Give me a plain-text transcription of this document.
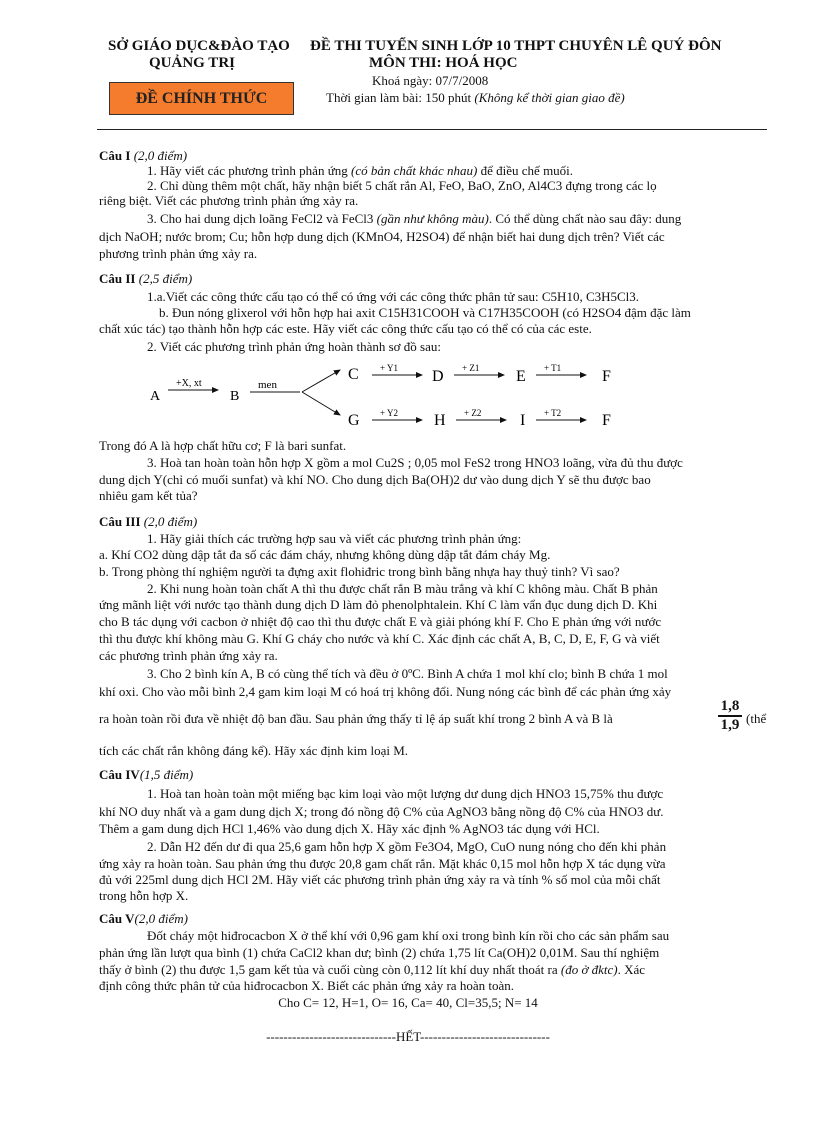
SỞ GIÁO DỤC&ĐÀO TẠO
QUẢNG TRỊ
ĐỀ THI TUYỂN SINH LỚP 10 THPT CHUYÊN LÊ QUÝ ĐÔN
MÔN THI: HOÁ HỌC
ĐỀ CHÍNH THỨC
Khoá ngày: 07/7/2008
Thời gian làm bài: 150 phút (Không kể thời gian giao đề)
Câu I (2,0 điểm)
1. Hãy viết các phương trình phản ứng (có bản chất khác nhau) để điều chế muối.
2. Chỉ dùng thêm một chất, hãy nhận biết 5 chất rắn Al, FeO, BaO, ZnO, Al4C3 đựng trong các lọ
riêng biệt. Viết các phương trình phản ứng xảy ra.
3. Cho hai dung dịch loãng FeCl2 và FeCl3 (gần như không màu). Có thể dùng chất nào sau đây: dung
dịch NaOH; nước brom; Cu; hỗn hợp dung dịch (KMnO4, H2SO4) để nhận biết hai dung dịch trên? Viết các
phương trình phản ứng xảy ra.
Câu II (2,5 điểm)
1.a.Viết các công thức cấu tạo có thể có ứng với các công thức phân tử sau: C5H10, C3H5Cl3.
b. Đun nóng glixerol với hỗn hợp hai axit C15H31COOH và C17H35COOH (có H2SO4 đậm đặc làm
chất xúc tác) tạo thành hỗn hợp các este. Hãy viết các công thức cấu tạo có thể có của các este.
2. Viết các phương trình phản ứng hoàn thành sơ đồ sau:
A
+X, xt
B
men
C + Y1 D + Z1 E + T1	F
G + Y2 H + Z2 I + T2	F
Trong đó A là hợp chất hữu cơ; F là bari sunfat.
3. Hoà tan hoàn toàn hỗn hợp X gồm a mol Cu2S ; 0,05 mol FeS2 trong HNO3 loãng, vừa đủ thu được
dung dịch Y(chỉ có muối sunfat) và khí NO. Cho dung dịch Ba(OH)2 dư vào dung dịch Y sẽ thu được bao
nhiêu gam kết tủa?
Câu III (2,0 điểm)
1. Hãy giải thích các trường hợp sau và viết các phương trình phản ứng:
a. Khí CO2 dùng dập tắt đa số các đám cháy, nhưng không dùng dập tắt đám cháy Mg.
b. Trong phòng thí nghiệm người ta đựng axit flohiđric trong bình bằng nhựa hay thuỷ tinh? Vì sao?
2. Khi nung hoàn toàn chất A thì thu được chất rắn B màu trắng và khí C không màu. Chất B phản
ứng mãnh liệt với nước tạo thành dung dịch D làm đỏ phenolphtalein. Khí C làm vẩn đục dung dịch D. Khi
cho B tác dụng với cacbon ở nhiệt độ cao thì thu được chất E và giải phóng khí F. Cho E phản ứng với nước
thì thu được khí không màu G. Khí G cháy cho nước và khí C. Xác định các chất A, B, C, D, E, F, G và viết
các phương trình phản ứng xảy ra.
3. Cho 2 bình kín A, B có cùng thể tích và đều ở 0ºC. Bình A chứa 1 mol khí clo; bình B chứa 1 mol
khí oxi. Cho vào mỗi bình 2,4 gam kim loại M có hoá trị không đổi. Nung nóng các bình để các phản ứng xảy
ra hoàn toàn rồi đưa về nhiệt độ ban đầu. Sau phản ứng thấy tỉ lệ áp suất khí trong 2 bình A và B là	$\frac{1,8}{1,9}$ (thể
tích các chất rắn không đáng kể). Hãy xác định kim loại M.
Câu IV(1,5 điểm)
1. Hoà tan hoàn toàn một miếng bạc kim loại vào một lượng dư dung dịch HNO3 15,75% thu được
khí NO duy nhất và a gam dung dịch X; trong đó nồng độ C% của AgNO3 bằng nồng độ C% của HNO3 dư.
Thêm a gam dung dịch HCl 1,46% vào dung dịch X. Hãy xác định % AgNO3 tác dụng với HCl.
2. Dẫn H2 đến dư đi qua 25,6 gam hỗn hợp X gồm Fe3O4, MgO, CuO nung nóng cho đến khi phản
ứng xảy ra hoàn toàn. Sau phản ứng thu được 20,8 gam chất rắn. Mặt khác 0,15 mol hỗn hợp X tác dụng vừa
đủ với 225ml dung dịch HCl 2M. Hãy viết các phương trình phản ứng xảy ra và tính % số mol của mỗi chất
trong hỗn hợp X.
Câu V(2,0 điểm)
Đốt cháy một hiđrocacbon X ở thể khí với 0,96 gam khí oxi trong bình kín rồi cho các sản phẩm sau
phản ứng lần lượt qua bình (1) chứa CaCl2 khan dư; bình (2) chứa 1,75 lít Ca(OH)2 0,01M. Sau thí nghiệm
thấy ở bình (2) thu được 1,5 gam kết tủa và cuối cùng còn 0,112 lít khí duy nhất thoát ra (đo ở đktc). Xác
định công thức phân tử của hiđrocacbon X. Biết các phản ứng xảy ra hoàn toàn.
Cho C= 12, H=1, O= 16, Ca= 40, Cl=35,5; N= 14
------------------------------HẾT------------------------------
